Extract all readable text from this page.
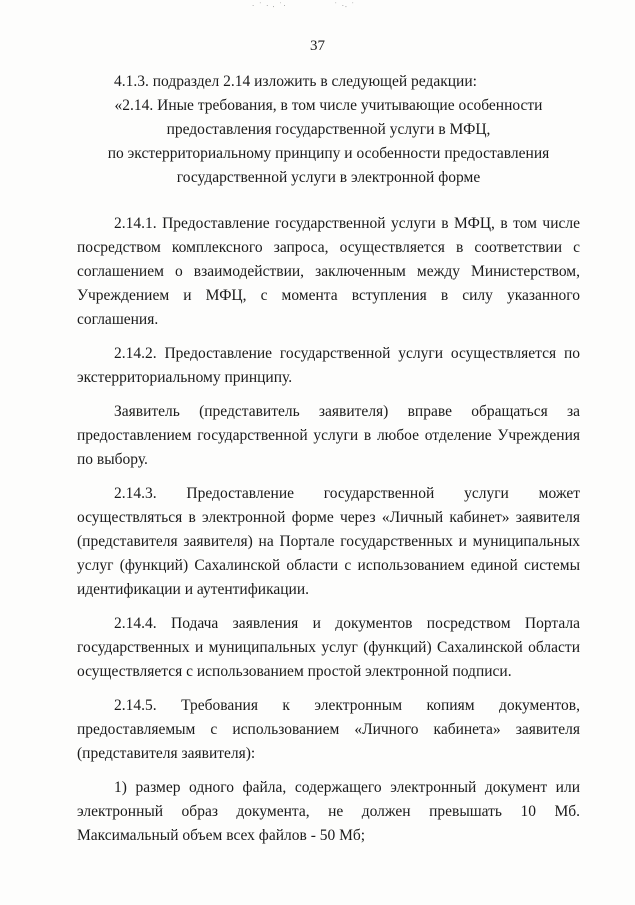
· ˙ · ⸳ ˙·	˙ ·⸳ ˙
37

4.1.3. подраздел 2.14 изложить в следующей редакции:

«2.14. Иные требования, в том числе учитывающие особенности
предоставления государственной услуги в МФЦ,
по экстерриториальному принципу и особенности предоставления
государственной услуги в электронной форме

2.14.1. Предоставление государственной услуги в МФЦ, в том числе посредством комплексного запроса, осуществляется в соответствии с соглашением о взаимодействии, заключенным между Министерством, Учреждением и МФЦ, с момента вступления в силу указанного соглашения.

2.14.2. Предоставление государственной услуги осуществляется по экстерриториальному принципу.

Заявитель (представитель заявителя) вправе обращаться за предоставлением государственной услуги в любое отделение Учреждения по выбору.

2.14.3. Предоставление государственной услуги может осуществляться в электронной форме через «Личный кабинет» заявителя (представителя заявителя) на Портале государственных и муниципальных услуг (функций) Сахалинской области с использованием единой системы идентификации и аутентификации.

2.14.4. Подача заявления и документов посредством Портала государственных и муниципальных услуг (функций) Сахалинской области осуществляется с использованием простой электронной подписи.

2.14.5. Требования к электронным копиям документов, предоставляемым с использованием «Личного кабинета» заявителя (представителя заявителя):

1) размер одного файла, содержащего электронный документ или электронный образ документа, не должен превышать 10 Мб. Максимальный объем всех файлов - 50 Мб;
